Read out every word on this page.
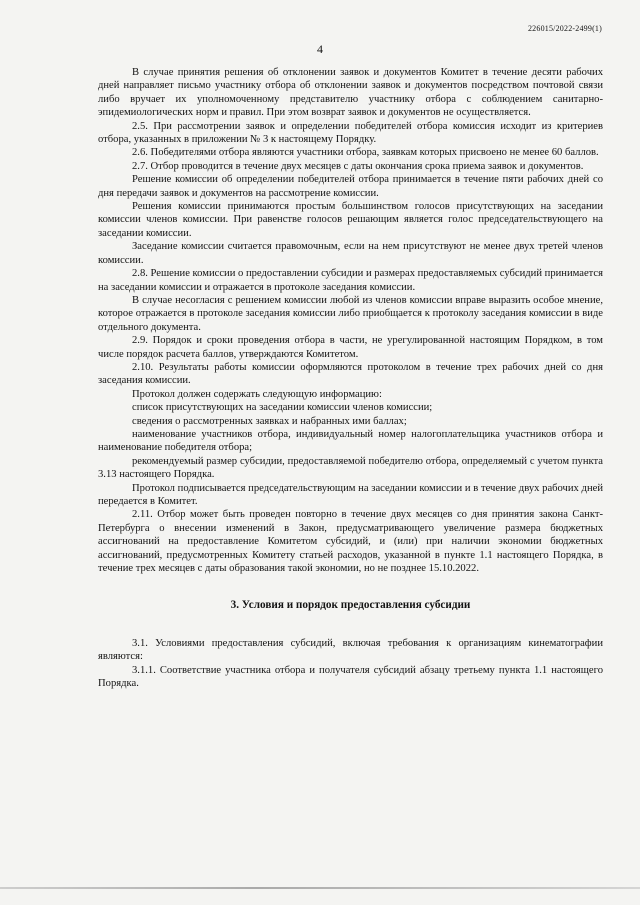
226015/2022-2499(1)
4

В случае принятия решения об отклонении заявок и документов Комитет в течение десяти рабочих дней направляет письмо участнику отбора об отклонении заявок и документов посредством почтовой связи либо вручает их уполномоченному представителю участнику отбора с соблюдением санитарно-эпидемиологических норм и правил. При этом возврат заявок и документов не осуществляется.

2.5. При рассмотрении заявок и определении победителей отбора комиссия исходит из критериев отбора, указанных в приложении № 3 к настоящему Порядку.

2.6. Победителями отбора являются участники отбора, заявкам которых присвоено не менее 60 баллов.

2.7. Отбор проводится в течение двух месяцев с даты окончания срока приема заявок и документов.

Решение комиссии об определении победителей отбора принимается в течение пяти рабочих дней со дня передачи заявок и документов на рассмотрение комиссии.

Решения комиссии принимаются простым большинством голосов присутствующих на заседании комиссии членов комиссии. При равенстве голосов решающим является голос председательствующего на заседании комиссии.

Заседание комиссии считается правомочным, если на нем присутствуют не менее двух третей членов комиссии.

2.8. Решение комиссии о предоставлении субсидии и размерах предоставляемых субсидий принимается на заседании комиссии и отражается в протоколе заседания комиссии.

В случае несогласия с решением комиссии любой из членов комиссии вправе выразить особое мнение, которое отражается в протоколе заседания комиссии либо приобщается к протоколу заседания комиссии в виде отдельного документа.

2.9. Порядок и сроки проведения отбора в части, не урегулированной настоящим Порядком, в том числе порядок расчета баллов, утверждаются Комитетом.

2.10. Результаты работы комиссии оформляются протоколом в течение трех рабочих дней со дня заседания комиссии.

Протокол должен содержать следующую информацию:

список присутствующих на заседании комиссии членов комиссии;

сведения о рассмотренных заявках и набранных ими баллах;

наименование участников отбора, индивидуальный номер налогоплательщика участников отбора и наименование победителя отбора;

рекомендуемый размер субсидии, предоставляемой победителю отбора, определяемый с учетом пункта 3.13 настоящего Порядка.

Протокол подписывается председательствующим на заседании комиссии и в течение двух рабочих дней передается в Комитет.

2.11. Отбор может быть проведен повторно в течение двух месяцев со дня принятия закона Санкт-Петербурга о внесении изменений в Закон, предусматривающего увеличение размера бюджетных ассигнований на предоставление Комитетом субсидий, и (или) при наличии экономии бюджетных ассигнований, предусмотренных Комитету статьей расходов, указанной в пункте 1.1 настоящего Порядка, в течение трех месяцев с даты образования такой экономии, но не позднее 15.10.2022.

3. Условия и порядок предоставления субсидии

3.1. Условиями предоставления субсидий, включая требования к организациям кинематографии являются:

3.1.1. Соответствие участника отбора и получателя субсидий абзацу третьему пункта 1.1 настоящего Порядка.
